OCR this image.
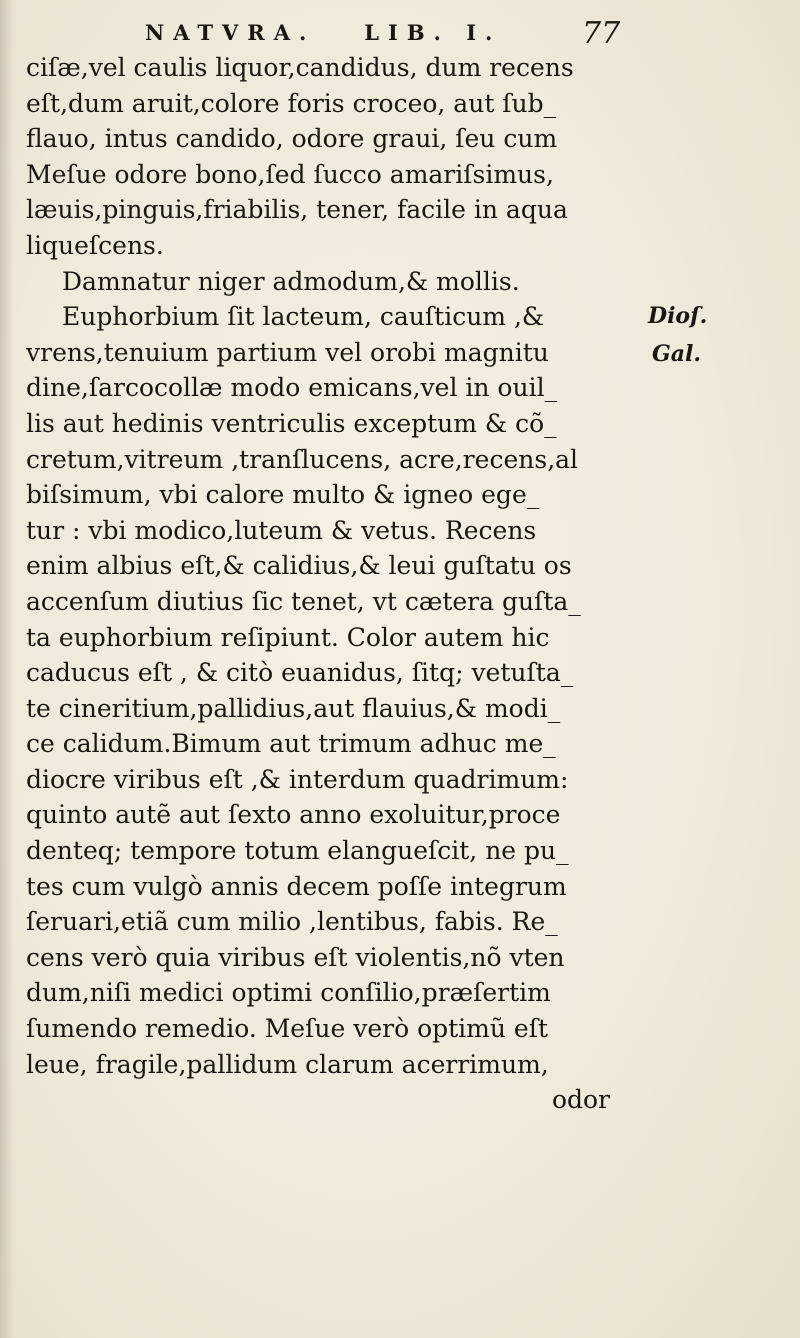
NATVRA.   LIB. I.	77
ciſæ,vel caulis liquor,candidus, dum recens
eſt,dum aruit,colore foris croceo, aut ſub_
flauo, intus candido, odore graui, ſeu cum
Meſue odore bono,ſed ſucco amariſsimus,
læuis,pinguis,friabilis, tener, facile in aqua
liqueſcens.
Damnatur niger admodum,& mollis.
Euphorbium ſit lacteum, cauſticum ,&
vrens,tenuium partium vel orobi magnitu
dine,ſarcocollæ modo emicans,vel in ouil_
lis aut hedinis ventriculis exceptum & cõ_
cretum,vitreum ,tranſlucens, acre,recens,al
biſsimum, vbi calore multo & igneo ege_
tur : vbi modico,luteum & vetus. Recens
enim albius eſt,& calidius,& leui guſtatu os
accenſum diutius ſic tenet, vt cætera guſta_
ta euphorbium reſipiunt. Color autem hic
caducus eſt , & citò euanidus, ſitq; vetuſta_
te cineritium,pallidius,aut flauius,& modi_
ce calidum.Bimum aut trimum adhuc me_
diocre viribus eſt ,& interdum quadrimum:
quinto autẽ aut ſexto anno exoluitur,proce
denteq; tempore totum elangueſcit, ne pu_
tes cum vulgò annis decem poſſe integrum
ſeruari,etiã cum milio ,lentibus, fabis. Re_
cens verò quia viribus eſt violentis,nõ vten
dum,niſi medici optimi conſilio,præſertim
ſumendo remedio. Meſue verò optimũ eſt
leue, fragile,pallidum clarum acerrimum,
odor
Dioſ.
Gal.
